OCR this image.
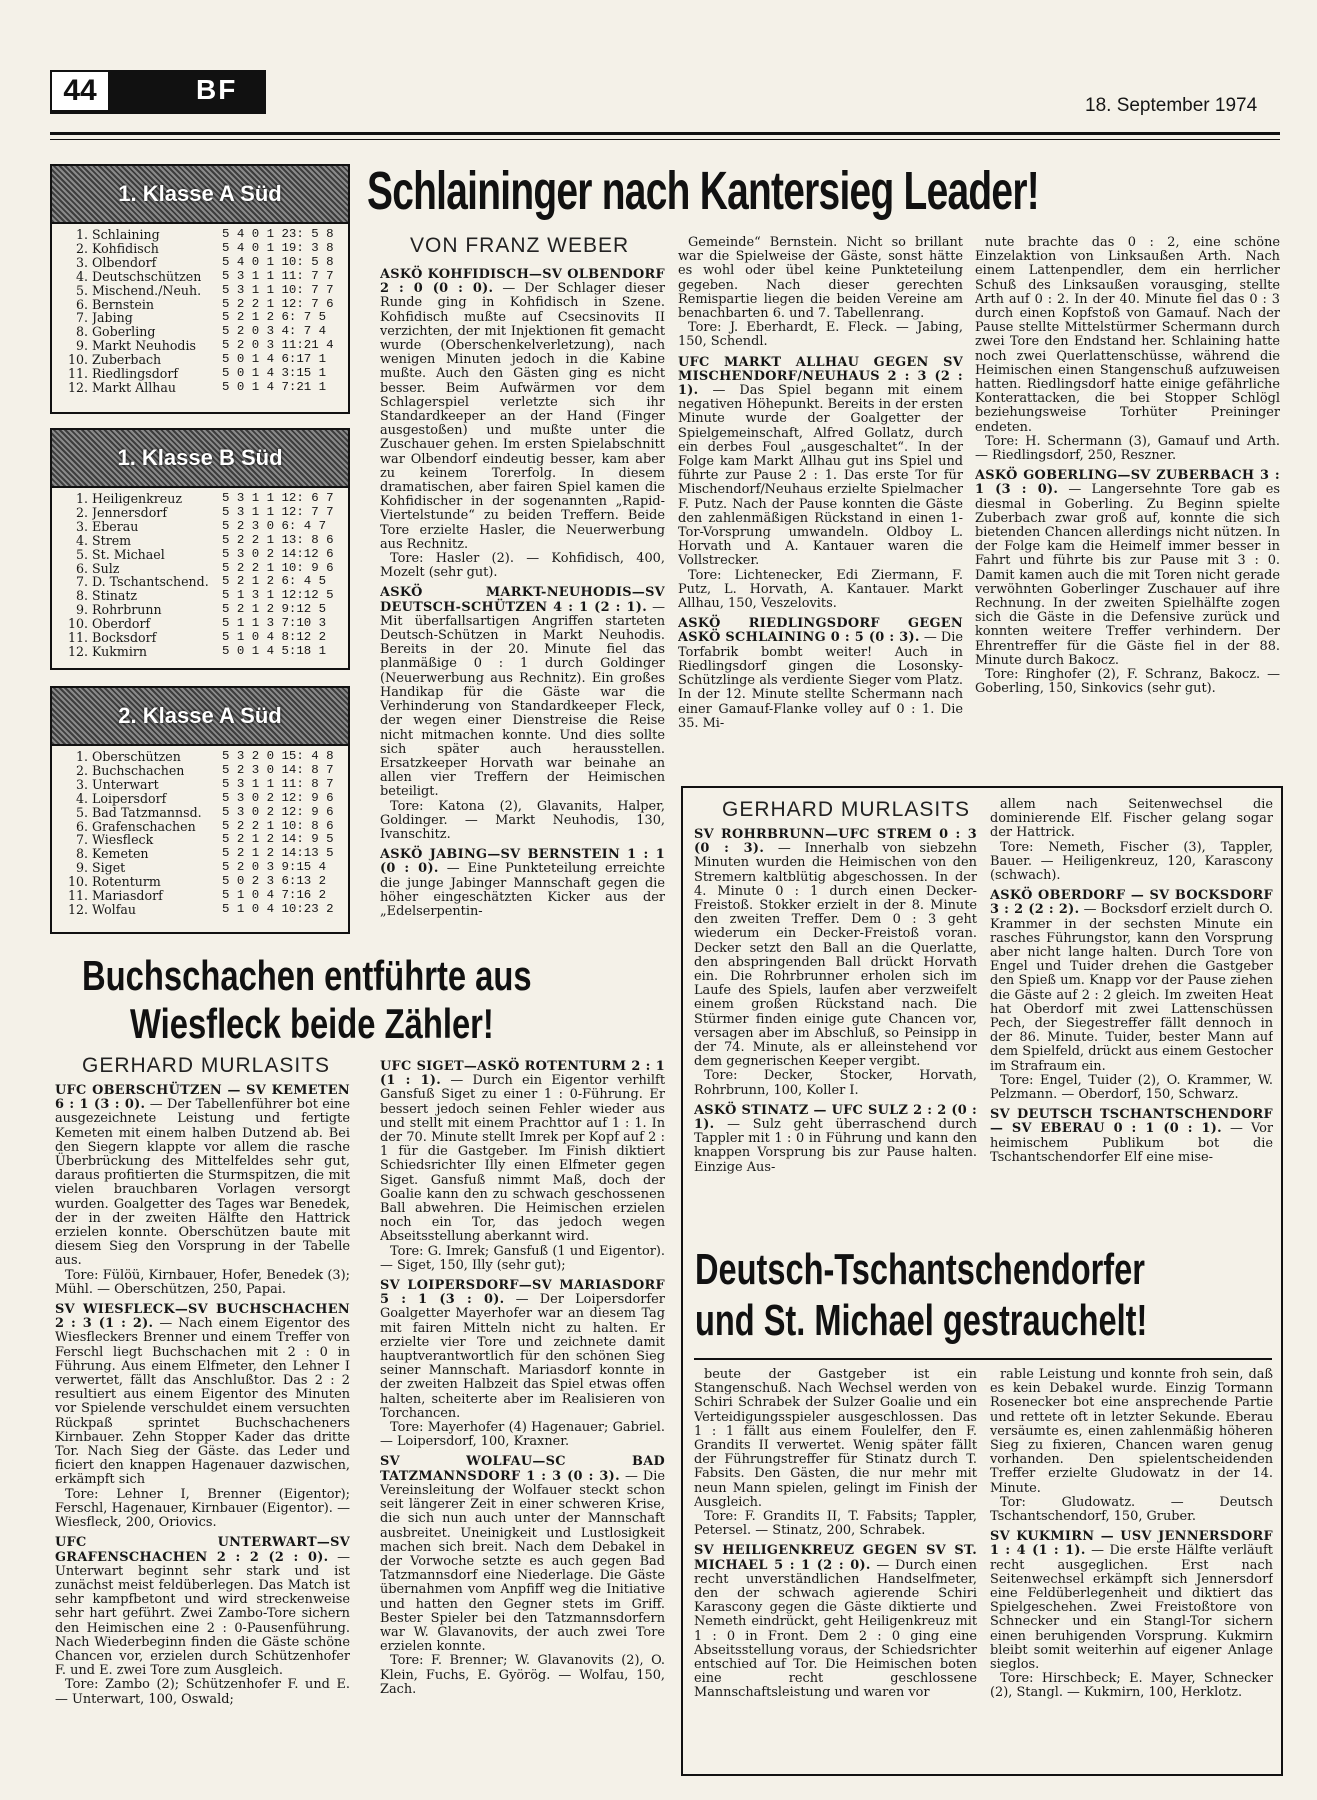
44	BF
18. September 1974
1. Klasse A Süd
1. Schlaining	5 4 0 1 23: 5 8
2. Kohfidisch	5 4 0 1 19: 3 8
3. Olbendorf	5 4 0 1 10: 5 8
4. Deutschschützen	5 3 1 1 11: 7 7
5. Mischend./Neuh.	5 3 1 1 10: 7 7
6. Bernstein	5 2 2 1 12: 7 6
7. Jabing	5 2 1 2 6: 7 5
8. Goberling	5 2 0 3 4: 7 4
9. Markt Neuhodis	5 2 0 3 11:21 4
10. Zuberbach	5 0 1 4 6:17 1
11. Riedlingsdorf	5 0 1 4 3:15 1
12. Markt Allhau	5 0 1 4 7:21 1
1. Klasse B Süd
1. Heiligenkreuz	5 3 1 1 12: 6 7
2. Jennersdorf	5 3 1 1 12: 7 7
3. Eberau	5 2 3 0 6: 4 7
4. Strem	5 2 2 1 13: 8 6
5. St. Michael	5 3 0 2 14:12 6
6. Sulz	5 2 2 1 10: 9 6
7. D. Tschantschend.	5 2 1 2 6: 4 5
8. Stinatz	5 1 3 1 12:12 5
9. Rohrbrunn	5 2 1 2 9:12 5
10. Oberdorf	5 1 1 3 7:10 3
11. Bocksdorf	5 1 0 4 8:12 2
12. Kukmirn	5 0 1 4 5:18 1
2. Klasse A Süd
1. Oberschützen	5 3 2 0 15: 4 8
2. Buchschachen	5 2 3 0 14: 8 7
3. Unterwart	5 3 1 1 11: 8 7
4. Loipersdorf	5 3 0 2 12: 9 6
5. Bad Tatzmannsd.	5 3 0 2 12: 9 6
6. Grafenschachen	5 2 2 1 10: 8 6
7. Wiesfleck	5 2 1 2 14: 9 5
8. Kemeten	5 2 1 2 14:13 5
9. Siget	5 2 0 3 9:15 4
10. Rotenturm	5 0 2 3 6:13 2
11. Mariasdorf	5 1 0 4 7:16 2
12. Wolfau	5 1 0 4 10:23 2
Schlaininger nach Kantersieg Leader!
VON FRANZ WEBER

ASKÖ KOHFIDISCH—SV OLBENDORF 2 : 0 (0 : 0). — Der Schlager dieser Runde ging in Kohfidisch in Szene. Kohfidisch mußte auf Csecsinovits II verzichten, der mit Injektionen fit gemacht wurde (Oberschenkelverletzung), nach wenigen Minuten jedoch in die Kabine mußte. Auch den Gästen ging es nicht besser. Beim Aufwärmen vor dem Schlagerspiel verletzte sich ihr Standardkeeper an der Hand (Finger ausgestoßen) und mußte unter die Zuschauer gehen. Im ersten Spielabschnitt war Olbendorf eindeutig besser, kam aber zu keinem Torerfolg. In diesem dramatischen, aber fairen Spiel kamen die Kohfidischer in der sogenannten „Rapid-Viertelstunde“ zu beiden Treffern. Beide Tore erzielte Hasler, die Neuerwerbung aus Rechnitz.

Tore: Hasler (2). — Kohfidisch, 400, Mozelt (sehr gut).

ASKÖ MARKT-NEUHODIS—SV DEUTSCH-SCHÜTZEN 4 : 1 (2 : 1). — Mit überfallsartigen Angriffen starteten Deutsch-Schützen in Markt Neuhodis. Bereits in der 20. Minute fiel das planmäßige 0 : 1 durch Goldinger (Neuerwerbung aus Rechnitz). Ein großes Handikap für die Gäste war die Verhinderung von Standardkeeper Fleck, der wegen einer Dienstreise die Reise nicht mitmachen konnte. Und dies sollte sich später auch herausstellen. Ersatzkeeper Horvath war beinahe an allen vier Treffern der Heimischen beteiligt.

Tore: Katona (2), Glavanits, Halper, Goldinger. — Markt Neuhodis, 130, Ivanschitz.

ASKÖ JABING—SV BERNSTEIN 1 : 1 (0 : 0). — Eine Punkteteilung erreichte die junge Jabinger Mannschaft gegen die höher eingeschätzten Kicker aus der „Edelserpentin-

Gemeinde“ Bernstein. Nicht so brillant war die Spielweise der Gäste, sonst hätte es wohl oder übel keine Punkteteilung gegeben. Nach dieser gerechten Remispartie liegen die beiden Vereine am benachbarten 6. und 7. Tabellenrang.

Tore: J. Eberhardt, E. Fleck. — Jabing, 150, Schendl.

UFC MARKT ALLHAU GEGEN SV MISCHENDORF/NEUHAUS 2 : 3 (2 : 1). — Das Spiel begann mit einem negativen Höhepunkt. Bereits in der ersten Minute wurde der Goalgetter der Spielgemeinschaft, Alfred Gollatz, durch ein derbes Foul „ausgeschaltet“. In der Folge kam Markt Allhau gut ins Spiel und führte zur Pause 2 : 1. Das erste Tor für Mischendorf/Neuhaus erzielte Spielmacher F. Putz. Nach der Pause konnten die Gäste den zahlenmäßigen Rückstand in einen 1-Tor-Vorsprung umwandeln. Oldboy L. Horvath und A. Kantauer waren die Vollstrecker.

Tore: Lichtenecker, Edi Ziermann, F. Putz, L. Horvath, A. Kantauer. Markt Allhau, 150, Veszelovits.

ASKÖ RIEDLINGSDORF GEGEN ASKÖ SCHLAINING 0 : 5 (0 : 3). — Die Torfabrik bombt weiter! Auch in Riedlingsdorf gingen die Losonsky-Schützlinge als verdiente Sieger vom Platz. In der 12. Minute stellte Schermann nach einer Gamauf-Flanke volley auf 0 : 1. Die 35. Mi-

nute brachte das 0 : 2, eine schöne Einzelaktion von Linksaußen Arth. Nach einem Lattenpendler, dem ein herrlicher Schuß des Linksaußen vorausging, stellte Arth auf 0 : 2. In der 40. Minute fiel das 0 : 3 durch einen Kopfstoß von Gamauf. Nach der Pause stellte Mittelstürmer Schermann durch zwei Tore den Endstand her. Schlaining hatte noch zwei Querlattenschüsse, während die Heimischen einen Stangenschuß aufzuweisen hatten. Riedlingsdorf hatte einige gefährliche Konterattacken, die bei Stopper Schlögl beziehungsweise Torhüter Preininger endeten.

Tore: H. Schermann (3), Gamauf und Arth. — Riedlingsdorf, 250, Reszner.

ASKÖ GOBERLING—SV ZUBERBACH 3 : 1 (3 : 0). — Langersehnte Tore gab es diesmal in Goberling. Zu Beginn spielte Zuberbach zwar groß auf, konnte die sich bietenden Chancen allerdings nicht nützen. In der Folge kam die Heimelf immer besser in Fahrt und führte bis zur Pause mit 3 : 0. Damit kamen auch die mit Toren nicht gerade verwöhnten Goberlinger Zuschauer auf ihre Rechnung. In der zweiten Spielhälfte zogen sich die Gäste in die Defensive zurück und konnten weitere Treffer verhindern. Der Ehrentreffer für die Gäste fiel in der 88. Minute durch Bakocz.

Tore: Ringhofer (2), F. Schranz, Bakocz. — Goberling, 150, Sinkovics (sehr gut).

Buchschachen entführte aus
Wiesfleck beide Zähler!
GERHARD MURLASITS

UFC OBERSCHÜTZEN — SV KEMETEN 6 : 1 (3 : 0). — Der Tabellenführer bot eine ausgezeichnete Leistung und fertigte Kemeten mit einem halben Dutzend ab. Bei den Siegern klappte vor allem die rasche Überbrückung des Mittelfeldes sehr gut, daraus profitierten die Sturmspitzen, die mit vielen brauchbaren Vorlagen versorgt wurden. Goalgetter des Tages war Benedek, der in der zweiten Hälfte den Hattrick erzielen konnte. Oberschützen baute mit diesem Sieg den Vorsprung in der Tabelle aus.

Tore: Fülöü, Kirnbauer, Hofer, Benedek (3); Mühl. — Oberschützen, 250, Papai.

SV WIESFLECK—SV BUCHSCHACHEN 2 : 3 (1 : 2). — Nach einem Eigentor des Wiesfleckers Brenner und einem Treffer von Ferschl liegt Buchschachen mit 2 : 0 in Führung. Aus einem Elfmeter, den Lehner I verwertet, fällt das Anschlußtor. Das 2 : 2 resultiert aus einem Eigentor des Minuten vor Spielende verschuldet einem versuchten Rückpaß sprintet Buchschacheners Kirnbauer. Zehn Stopper Kader das dritte Tor. Nach Sieg der Gäste. das Leder und fiсiert den knappen Hagenauer dazwischen, erkämpft sich

Tore: Lehner I, Brenner (Eigentor); Ferschl, Hagenauer, Kirnbauer (Eigentor). — Wiesfleck, 200, Oriovics.

UFC UNTERWART—SV GRAFENSCHACHEN 2 : 2 (2 : 0). — Unterwart beginnt sehr stark und ist zunächst meist feldüberlegen. Das Match ist sehr kampfbetont und wird streckenweise sehr hart geführt. Zwei Zambo-Tore sichern den Heimischen eine 2 : 0-Pausenführung. Nach Wiederbeginn finden die Gäste schöne Chancen vor, erzielen durch Schützenhofer F. und E. zwei Tore zum Ausgleich.

Tore: Zambo (2); Schützenhofer F. und E. — Unterwart, 100, Oswald;

UFC SIGET—ASKÖ ROTENTURM 2 : 1 (1 : 1). — Durch ein Eigentor verhilft Gansfuß Siget zu einer 1 : 0-Führung. Er bessert jedoch seinen Fehler wieder aus und stellt mit einem Prachttor auf 1 : 1. In der 70. Minute stellt Imrek per Kopf auf 2 : 1 für die Gastgeber. Im Finish diktiert Schiedsrichter Illy einen Elfmeter gegen Siget. Gansfuß nimmt Maß, doch der Goalie kann den zu schwach geschossenen Ball abwehren. Die Heimischen erzielen noch ein Tor, das jedoch wegen Abseitsstellung aberkannt wird.

Tore: G. Imrek; Gansfuß (1 und Eigentor). — Siget, 150, Illy (sehr gut);

SV LOIPERSDORF—SV MARIASDORF 5 : 1 (3 : 0). — Der Loipersdorfer Goalgetter Mayerhofer war an diesem Tag mit fairen Mitteln nicht zu halten. Er erzielte vier Tore und zeichnete damit hauptverantwortlich für den schönen Sieg seiner Mannschaft. Mariasdorf konnte in der zweiten Halbzeit das Spiel etwas offen halten, scheiterte aber im Realisieren von Torchancen.

Tore: Mayerhofer (4) Hagenauer; Gabriel. — Loipersdorf, 100, Kraxner.

SV WOLFAU—SC BAD TATZMANNSDORF 1 : 3 (0 : 3). — Die Vereinsleitung der Wolfauer steckt schon seit längerer Zeit in einer schweren Krise, die sich nun auch unter der Mannschaft ausbreitet. Uneinigkeit und Lustlosigkeit machen sich breit. Nach dem Debakel in der Vorwoche setzte es auch gegen Bad Tatzmannsdorf eine Niederlage. Die Gäste übernahmen vom Anpfiff weg die Initiative und hatten den Gegner stets im Griff. Bester Spieler bei den Tatzmannsdorfern war W. Glavanovits, der auch zwei Tore erzielen konnte.

Tore: F. Brenner; W. Glavanovits (2), O. Klein, Fuchs, E. Györög. — Wolfau, 150, Zach.

GERHARD MURLASITS

SV ROHRBRUNN—UFC STREM 0 : 3 (0 : 3). — Innerhalb von siebzehn Minuten wurden die Heimischen von den Stremern kaltblütig abgeschossen. In der 4. Minute 0 : 1 durch einen Decker-Freistoß. Stokker erzielt in der 8. Minute den zweiten Treffer. Dem 0 : 3 geht wiederum ein Decker-Freistoß voran. Decker setzt den Ball an die Querlatte, den abspringenden Ball drückt Horvath ein. Die Rohrbrunner erholen sich im Laufe des Spiels, laufen aber verzweifelt einem großen Rückstand nach. Die Stürmer finden einige gute Chancen vor, versagen aber im Abschluß, so Peinsipp in der 74. Minute, als er alleinstehend vor dem gegnerischen Keeper vergibt.

Tore: Decker, Stocker, Horvath, Rohrbrunn, 100, Koller I.

ASKÖ STINATZ — UFC SULZ 2 : 2 (0 : 1). — Sulz geht überraschend durch Tappler mit 1 : 0 in Führung und kann den knappen Vorsprung bis zur Pause halten. Einzige Aus-

allem nach Seitenwechsel die dominierende Elf. Fischer gelang sogar der Hattrick.

Tore: Nemeth, Fischer (3), Tappler, Bauer. — Heiligenkreuz, 120, Karascony (schwach).

ASKÖ OBERDORF — SV BOCKSDORF 3 : 2 (2 : 2). — Bocksdorf erzielt durch O. Krammer in der sechsten Minute ein rasches Führungstor, kann den Vorsprung aber nicht lange halten. Durch Tore von Engel und Tuider drehen die Gastgeber den Spieß um. Knapp vor der Pause ziehen die Gäste auf 2 : 2 gleich. Im zweiten Heat hat Oberdorf mit zwei Lattenschüssen Pech, der Siegestreffer fällt dennoch in der 86. Minute. Tuider, bester Mann auf dem Spielfeld, drückt aus einem Gestocher im Strafraum ein.

Tore: Engel, Tuider (2), O. Krammer, W. Pelzmann. — Oberdorf, 150, Schwarz.

SV DEUTSCH TSCHANTSCHENDORF — SV EBERAU 0 : 1 (0 : 1). — Vor heimischem Publikum bot die Tschantschendorfer Elf eine mise-

Deutsch-Tschantschendorfer
und St. Michael gestrauchelt!

beute der Gastgeber ist ein Stangenschuß. Nach Wechsel werden von Schiri Schrabek der Sulzer Goalie und ein Verteidigungsspieler ausgeschlossen. Das 1 : 1 fällt aus einem Foulelfer, den F. Grandits II verwertet. Wenig später fällt der Führungstreffer für Stinatz durch T. Fabsits. Den Gästen, die nur mehr mit neun Mann spielen, gelingt im Finish der Ausgleich.

Tore: F. Grandits II, T. Fabsits; Tappler, Petersel. — Stinatz, 200, Schrabek.

SV HEILIGENKREUZ GEGEN SV ST. MICHAEL 5 : 1 (2 : 0). — Durch einen recht unverständlichen Handselfmeter, den der schwach agierende Schiri Karascony gegen die Gäste diktierte und Nemeth eindrückt, geht Heiligenkreuz mit 1 : 0 in Front. Dem 2 : 0 ging eine Abseitsstellung voraus, der Schiedsrichter entschied auf Tor. Die Heimischen boten eine recht geschlossene Mannschaftsleistung und waren vor

rable Leistung und konnte froh sein, daß es kein Debakel wurde. Einzig Tormann Rosenecker bot eine ansprechende Partie und rettete oft in letzter Sekunde. Eberau versäumte es, einen zahlenmäßig höheren Sieg zu fixieren, Chancen waren genug vorhanden. Den spielentscheidenden Treffer erzielte Gludowatz in der 14. Minute.

Tor: Gludowatz. — Deutsch Tschantschendorf, 150, Gruber.

SV KUKMIRN — USV JENNERSDORF 1 : 4 (1 : 1). — Die erste Hälfte verläuft recht ausgeglichen. Erst nach Seitenwechsel erkämpft sich Jennersdorf eine Feldüberlegenheit und diktiert das Spielgeschehen. Zwei Freistoßtore von Schnecker und ein Stangl-Tor sichern einen beruhigenden Vorsprung. Kukmirn bleibt somit weiterhin auf eigener Anlage sieglos.

Tore: Hirschbeck; E. Mayer, Schnecker (2), Stangl. — Kukmirn, 100, Herklotz.
